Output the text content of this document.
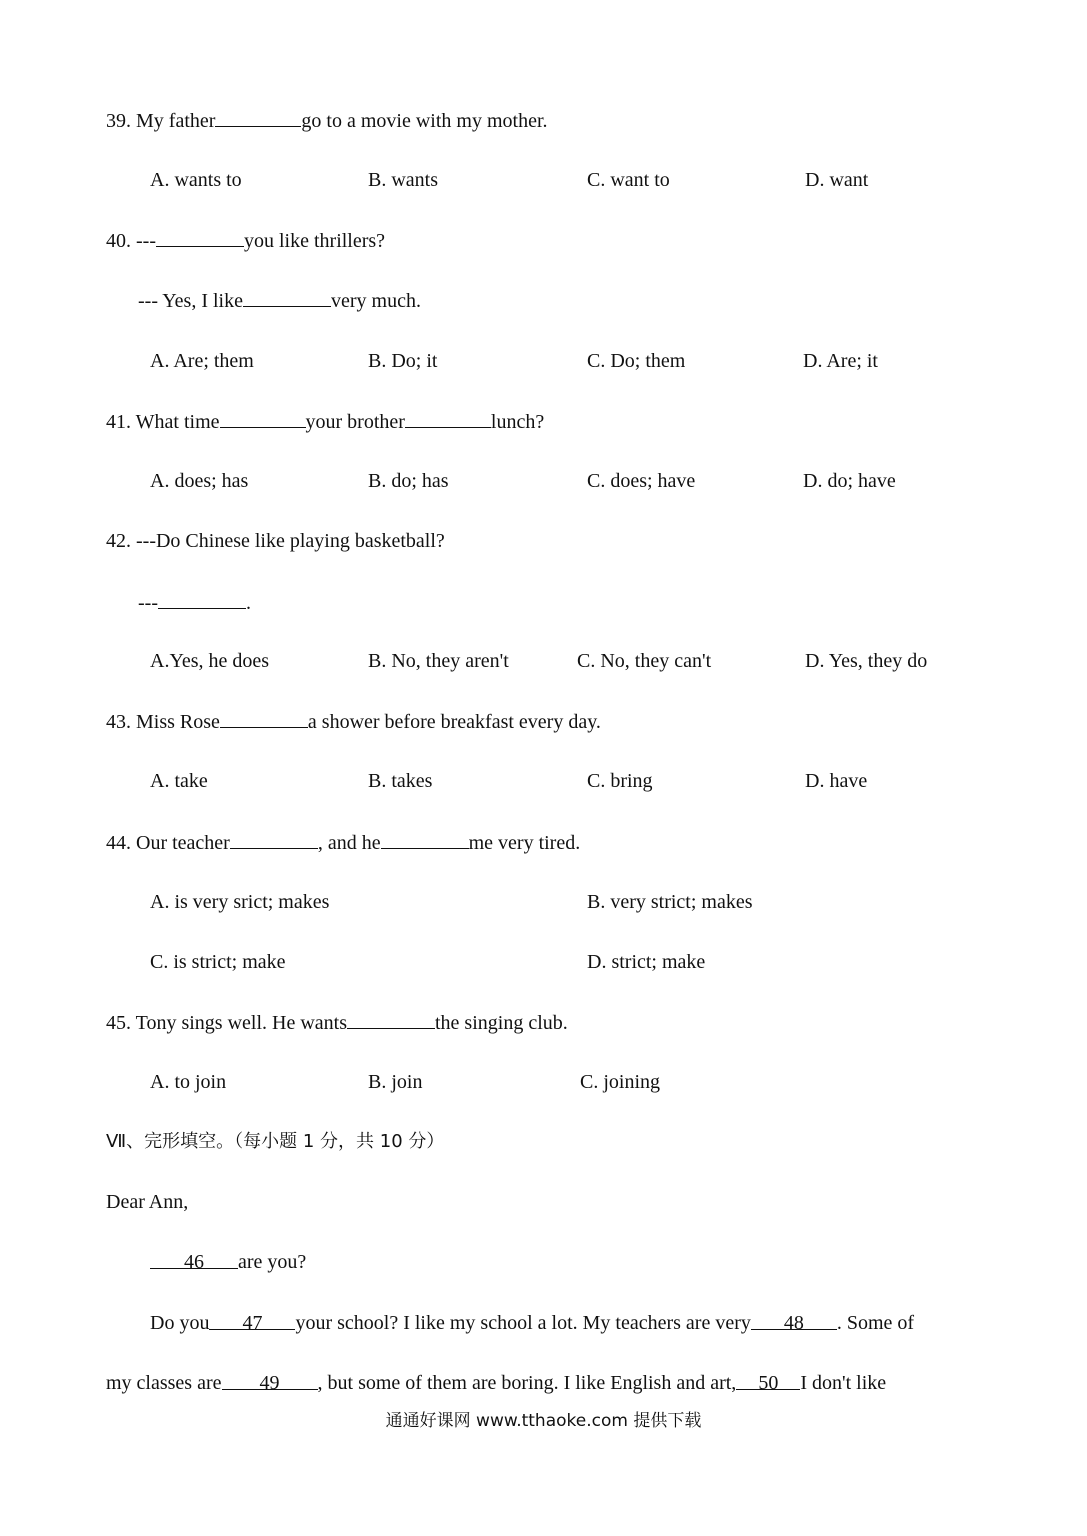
39. My father	go to a movie with my mother.
A. wants to	B. wants	C. want to	D. want
40. ---	you like thrillers?
--- Yes, I like	very much.
A. Are; them	B. Do; it	C. Do; them	D. Are; it
41. What time	your brother	lunch?
A. does; has	B. do; has	C. does; have	D. do; have
42. ---Do Chinese like playing basketball?
---	.
A.Yes, he does	B. No, they aren't	C. No, they can't	D. Yes, they do
43. Miss Rose	a shower before breakfast every day.
A. take	B. takes	C. bring	D. have
44. Our teacher	, and he	me very tired.
A. is very srict; makes	B. very strict; makes
C. is strict; make	D. strict; make
45. Tony sings well. He wants	the singing club.
A. to join	B. join	C. joining
Ⅶ、完形填空。（每小题 1 分，共 10 分）
Dear Ann,
46 are you?
Do you 47 your school? I like my school a lot. My teachers are very 48 . Some of
my classes are 49 , but some of them are boring. I like English and art, 50 I don't like
通通好课网 www.tthaoke.com 提供下载
